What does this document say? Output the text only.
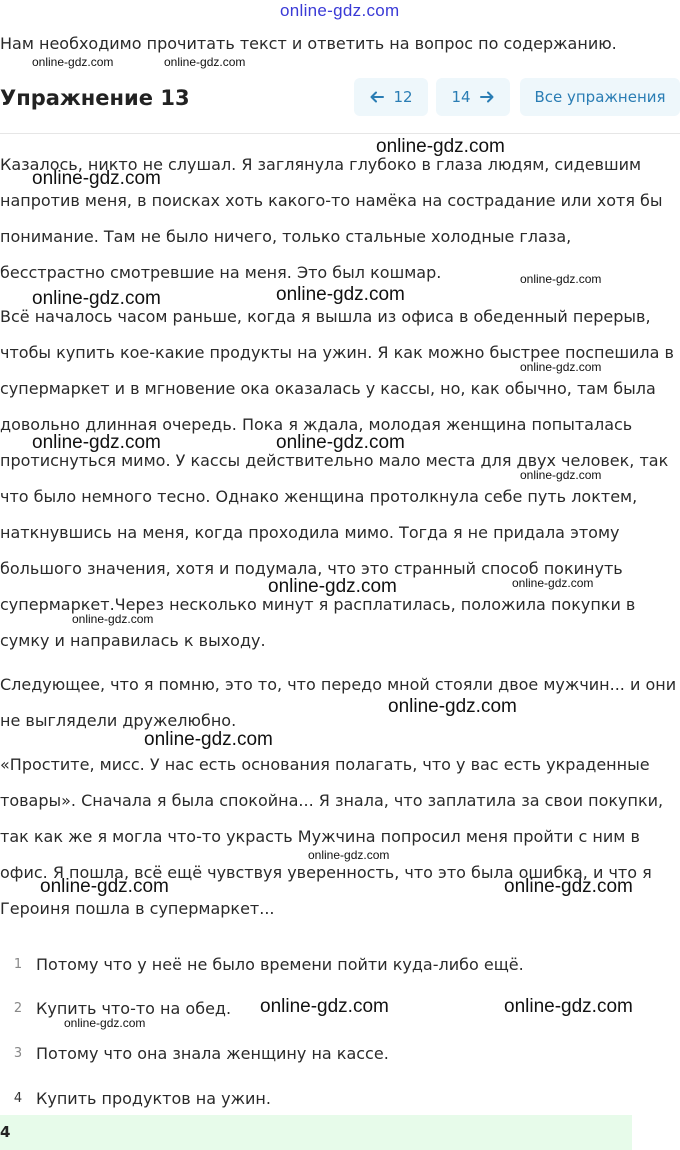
online-gdz.com
Нам необходимо прочитать текст и ответить на вопрос по содержанию.
online-gdz.com	online-gdz.com
Упражнение 13	12	14	Все упражнения

Казалось, никто не слушал. Я заглянула глубоко в глаза людям, сидевшим напротив меня, в поисках хоть какого-то намёка на сострадание или хотя бы понимание. Там не было ничего, только стальные холодные глаза, бесстрастно смотревшие на меня. Это был кошмар.

Всё началось часом раньше, когда я вышла из офиса в обеденный перерыв, чтобы купить кое-какие продукты на ужин. Я как можно быстрее поспешила в супермаркет и в мгновение ока оказалась у кассы, но, как обычно, там была довольно длинная очередь. Пока я ждала, молодая женщина попыталась протиснуться мимо. У кассы действительно мало места для двух человек, так что было немного тесно. Однако женщина протолкнула себе путь локтем, наткнувшись на меня, когда проходила мимо. Тогда я не придала этому большого значения, хотя и подумала, что это странный способ покинуть супермаркет.Через несколько минут я расплатилась, положила покупки в сумку и направилась к выходу.

Следующее, что я помню, это то, что передо мной стояли двое мужчин... и они не выглядели дружелюбно.

«Простите, мисс. У нас есть основания полагать, что у вас есть украденные товары». Сначала я была спокойна... Я знала, что заплатила за свои покупки, так как же я могла что-то украсть Мужчина попросил меня пройти с ним в офис. Я пошла, всё ещё чувствуя уверенность, что это была ошибка, и что я

Героиня пошла в супермаркет...

1 Потому что у неё не было времени пойти куда-либо ещё.
2 Купить что-то на обед.
3 Потому что она знала женщину на кассе.
4 Купить продуктов на ужин.
4
online-gdz.com
online-gdz.com
online-gdz.com
online-gdz.com
online-gdz.com
online-gdz.com
online-gdz.com	online-gdz.com
online-gdz.com
online-gdz.com	online-gdz.com
online-gdz.com
online-gdz.com
online-gdz.com
online-gdz.com
online-gdz.com	online-gdz.com
online-gdz.com	online-gdz.com
online-gdz.com
